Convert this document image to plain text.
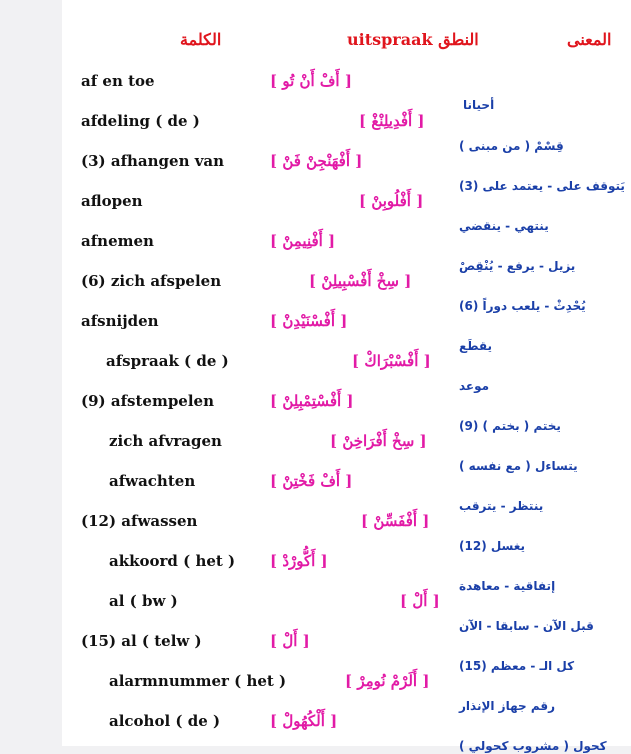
الكلمة	uitspraak النطق	المعنى
af en toe
afdeling ( de )
(3) afhangen van
aflopen
afnemen
(6) zich afspelen
afsnijden
afspraak ( de )
(9) afstempelen
zich afvragen
afwachten
(12) afwassen
akkoord ( het )
al ( bw )
(15) al ( telw )
alarmnummer ( het )
alcohol ( de )
[ أَفْ أَنْ تُو ]
[ أَفْدِيلِنْغْ ]
[ أَفْهَنْجِنْ فَنْ ]
[ أَفْلُوبِنْ ]
[ أَفْنِيمِنْ ]
[ سِخْ أَفْسْبِيلِنْ ]
[ أَفْسْنَيْدِنْ ]
[ أَفْسْبْرَاكْ ]
[ أَفْسْتِمْبِلِنْ ]
[ سِخْ أَفْرَاخِنْ ]
[ أَفْ فَخْتِنْ ]
[ أَفْفَسِّنْ ]
[ أَكُّورْدْ ]
[ أَلْ ]
[ أَلْ ]
[ أَلَرْمْ نُومِرْ ]
[ أَلْكُهُولْ ]
أحيانا
قِسْمْ ( من مبنى )
يَتوقف على - يعتمد على (3)
ينتهي - ينقضي
يزيل - يرفع - يُنْقِصْ
يُحْدِثْ - يلعب دوراً (6)
يقطَع
موعد
يختم ( بختم ) (9)
يتساءل ( مع نفسه )
ينتظر - يترقب
يغسل (12)
إتفاقية - معاهدة
قبل الآن - سابقا - الآن
كل الـ - معظم (15)
رقم جهاز الإنذار
كحول ( مشروب كحولي )
